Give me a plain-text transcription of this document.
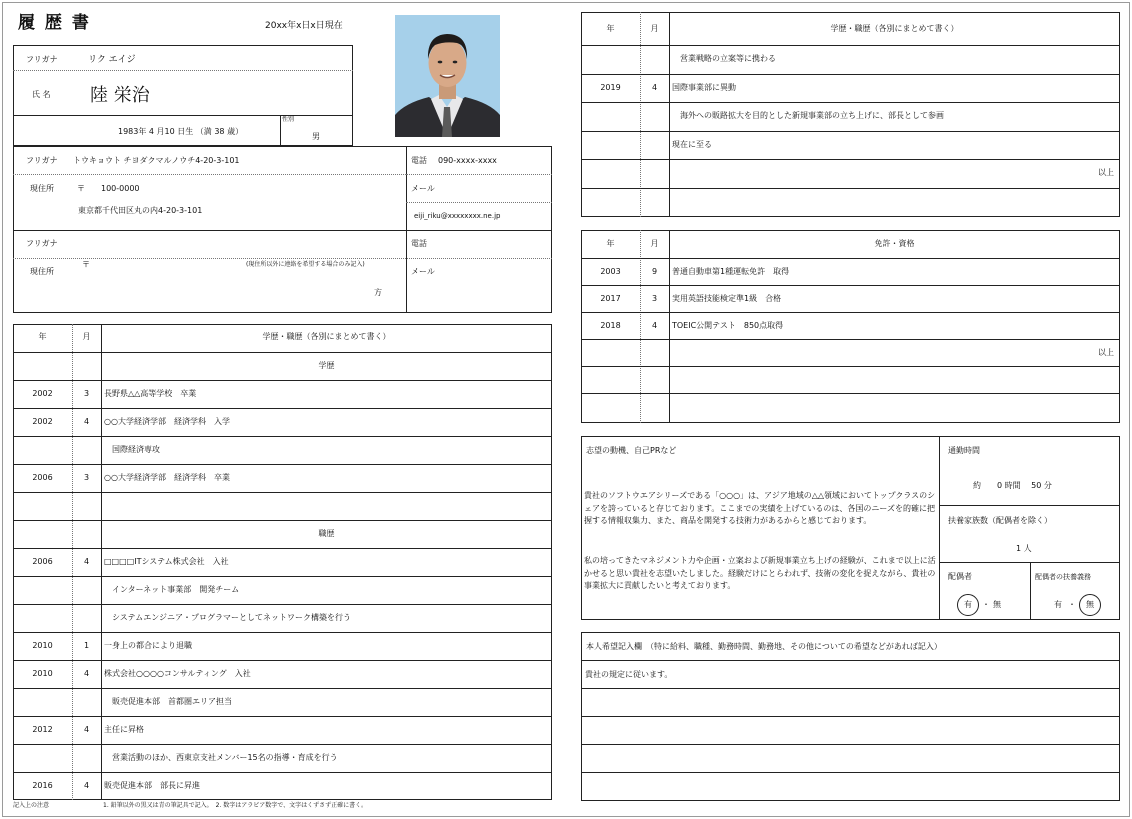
履 歴 書	20xx年x日x日現在
フリガナ	リク エイジ
氏 名 陸 栄治
1983年 4 月10 日生 （満 38 歳）
性別
男
フリガナ トウキョウト チヨダクマルノウチ4-20-3-101
現住所	〒　　100-0000
東京都千代田区丸の内4-20-3-101
電話 090-xxxx-xxxx
メール
eiji_riku@xxxxxxxx.ne.jp
フリガナ
現住所
〒	(現住所以外に連絡を希望する場合のみ記入)
方
電話
メール
年	月	学歴・職歴（各別にまとめて書く）
学歴
2002	3	長野県△△高等学校　卒業
2002	4	○○大学経済学部　経済学科　入学
　国際経済専攻
2006	3	○○大学経済学部　経済学科　卒業
職歴
2006	4	□□□□ITシステム株式会社　入社
　インターネット事業部　開発チーム
　システムエンジニア・プログラマーとしてネットワーク構築を行う
2010	1	一身上の都合により退職
2010	4	株式会社○○○○コンサルティング　入社
　販売促進本部　首都圏エリア担当
2012	4	主任に昇格
　営業活動のほか、西東京支社メンバー15名の指導・育成を行う
2016	4	販売促進本部　部長に昇進
記入上の注意	1. 鉛筆以外の黒又は青の筆記具で記入。　2. 数字はアラビア数字で、文字はくずさず正確に書く。
年	月	学歴・職歴（各別にまとめて書く）
　営業戦略の立案等に携わる
2019	4	国際事業部に異動
　海外への販路拡大を目的とした新規事業部の立ち上げに、部長として参画
現在に至る
以上
年	月	免許・資格
2003	9	普通自動車第1種運転免許　取得
2017	3	実用英語技能検定準1級　合格
2018	4	TOEIC公開テスト　850点取得
以上
志望の動機、自己PRなど
貴社のソフトウエアシリーズである「○○○」は、アジア地域の△△領域においてトップクラスのシェアを誇っていると存じております。ここまでの実績を上げているのは、各国のニーズを的確に把握する情報収集力、また、商品を開発する技術力があるからと感じております。
私の培ってきたマネジメント力や企画・立案および新規事業立ち上げの経験が、これまで以上に活かせると思い貴社を志望いたしました。経験だけにとらわれず、技術の変化を捉えながら、貴社の事業拡大に貢献したいと考えております。
通勤時間
約　　0 時間　 50 分
扶養家族数（配偶者を除く）
1 人
配偶者
有	・ 無
配偶者の扶養義務
有 ・	無
本人希望記入欄　（特に給料、職種、勤務時間、勤務地、その他についての希望などがあれば記入）
貴社の規定に従います。
